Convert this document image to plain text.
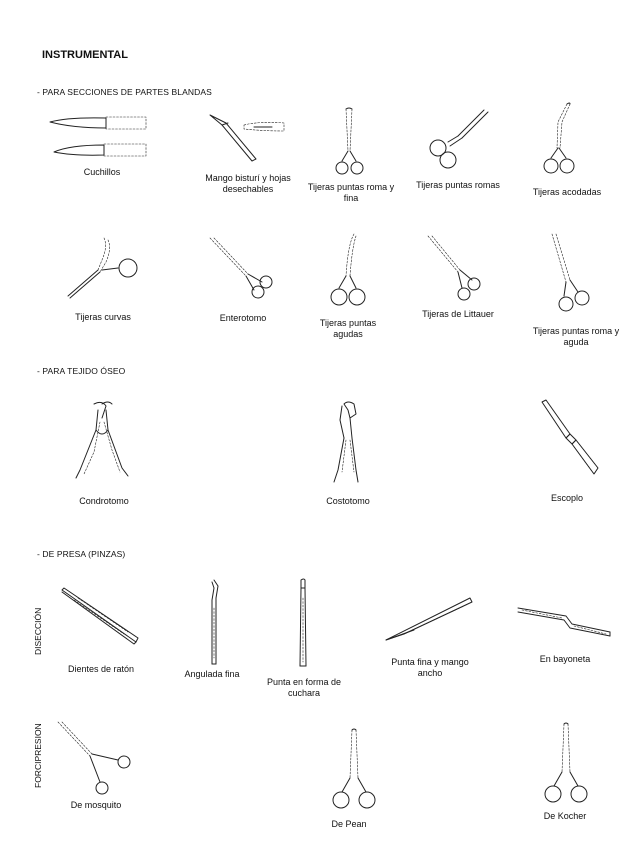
INSTRUMENTAL
- PARA SECCIONES DE PARTES BLANDAS
- PARA TEJIDO ÓSEO
- DE PRESA (PINZAS)
DISECCIÓN
FORCIPRESION
Cuchillos
Mango bisturí y hojas desechables	Tijeras puntas roma y fina
Tijeras puntas romas
Tijeras acodadas
Tijeras curvas	Enterotomo	Tijeras puntas agudas
Tijeras de Littauer
Tijeras puntas roma y aguda
Condrotomo	Costotomo	Escoplo
Dientes de ratón	Angulada fina
Punta en forma de cuchara
Punta fina y mango ancho
En bayoneta
De mosquito
De Pean
De Kocher
